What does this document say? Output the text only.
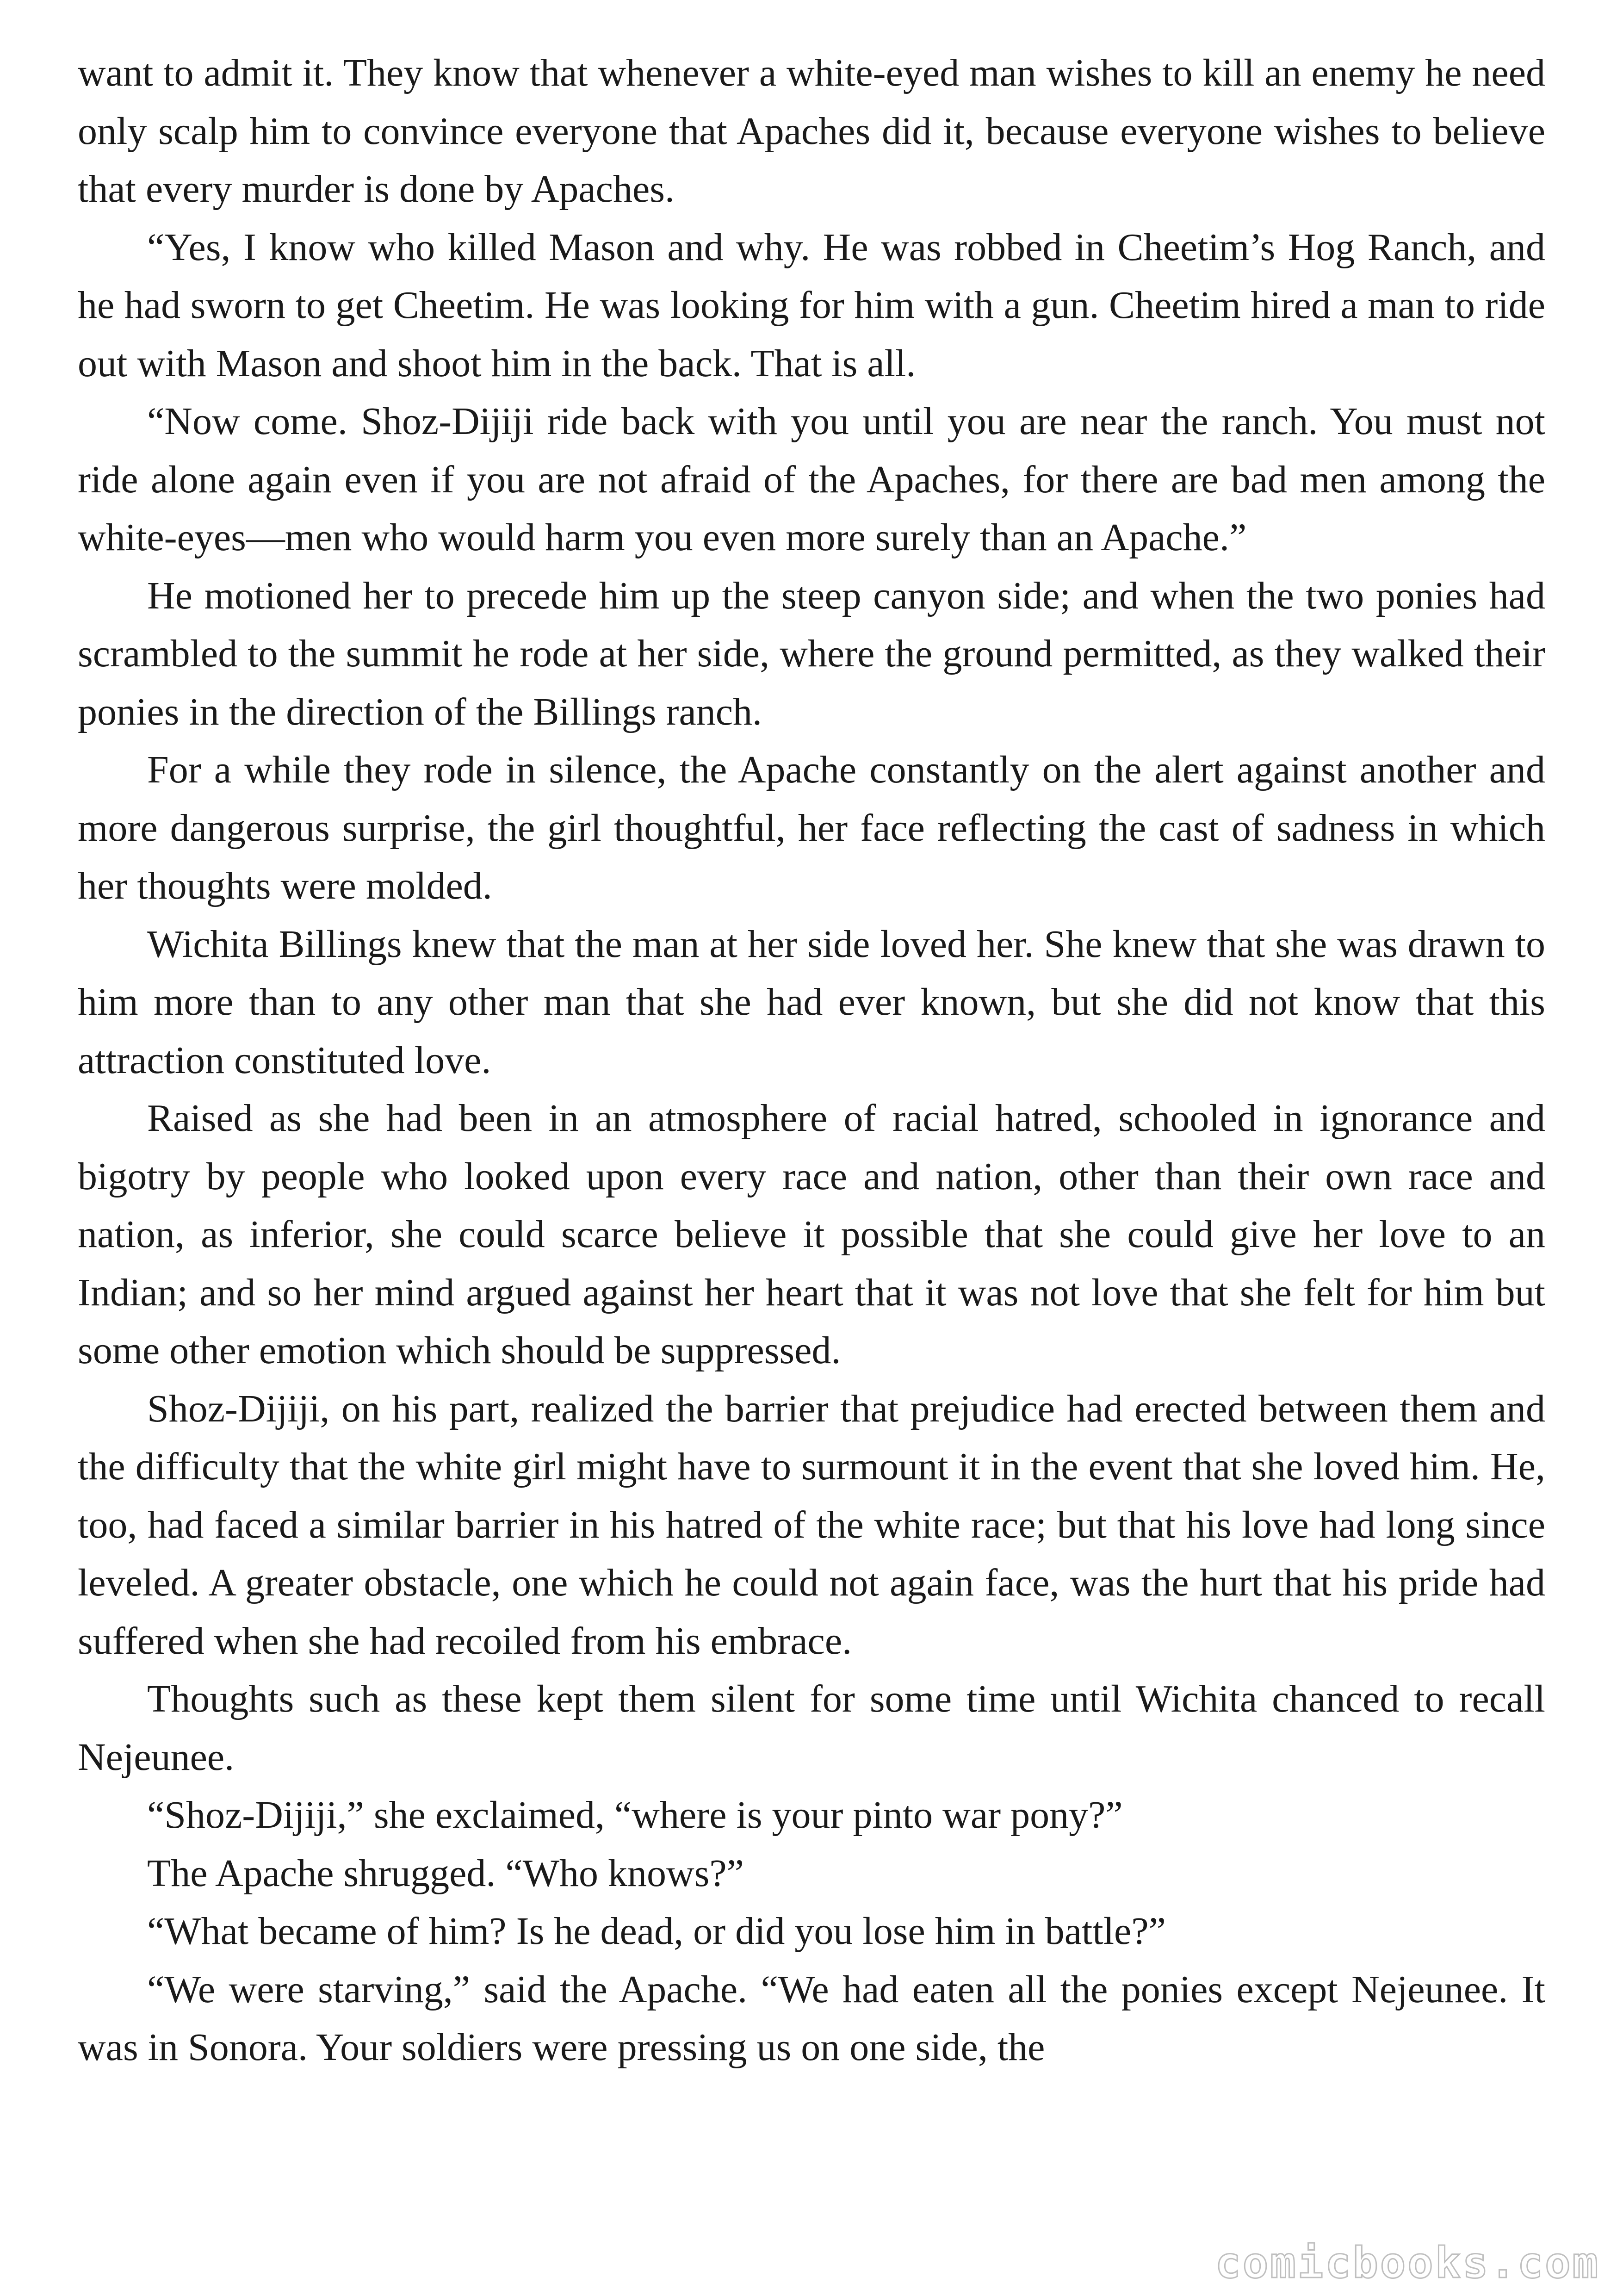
want to admit it. They know that whenever a white-eyed man wishes to kill an enemy he need only scalp him to convince everyone that Apaches did it, because everyone wishes to believe that every murder is done by Apaches.

“Yes, I know who killed Mason and why. He was robbed in Cheetim’s Hog Ranch, and he had sworn to get Cheetim. He was looking for him with a gun. Cheetim hired a man to ride out with Mason and shoot him in the back. That is all.

“Now come. Shoz-Dijiji ride back with you until you are near the ranch. You must not ride alone again even if you are not afraid of the Apaches, for there are bad men among the white-eyes—men who would harm you even more surely than an Apache.”

He motioned her to precede him up the steep canyon side; and when the two ponies had scrambled to the summit he rode at her side, where the ground permitted, as they walked their ponies in the direction of the Billings ranch.

For a while they rode in silence, the Apache constantly on the alert against another and more dangerous surprise, the girl thoughtful, her face reflecting the cast of sadness in which her thoughts were molded.

Wichita Billings knew that the man at her side loved her. She knew that she was drawn to him more than to any other man that she had ever known, but she did not know that this attraction constituted love.

Raised as she had been in an atmosphere of racial hatred, schooled in ignorance and bigotry by people who looked upon every race and nation, other than their own race and nation, as inferior, she could scarce believe it possible that she could give her love to an Indian; and so her mind argued against her heart that it was not love that she felt for him but some other emotion which should be suppressed.

Shoz-Dijiji, on his part, realized the barrier that prejudice had erected between them and the difficulty that the white girl might have to surmount it in the event that she loved him. He, too, had faced a similar barrier in his hatred of the white race; but that his love had long since leveled. A greater obstacle, one which he could not again face, was the hurt that his pride had suffered when she had recoiled from his embrace.

Thoughts such as these kept them silent for some time until Wichita chanced to recall Nejeunee.

“Shoz-Dijiji,” she exclaimed, “where is your pinto war pony?”

The Apache shrugged. “Who knows?”

“What became of him? Is he dead, or did you lose him in battle?”

“We were starving,” said the Apache. “We had eaten all the ponies except Nejeunee. It was in Sonora. Your soldiers were pressing us on one side, the

comicbooks.com
